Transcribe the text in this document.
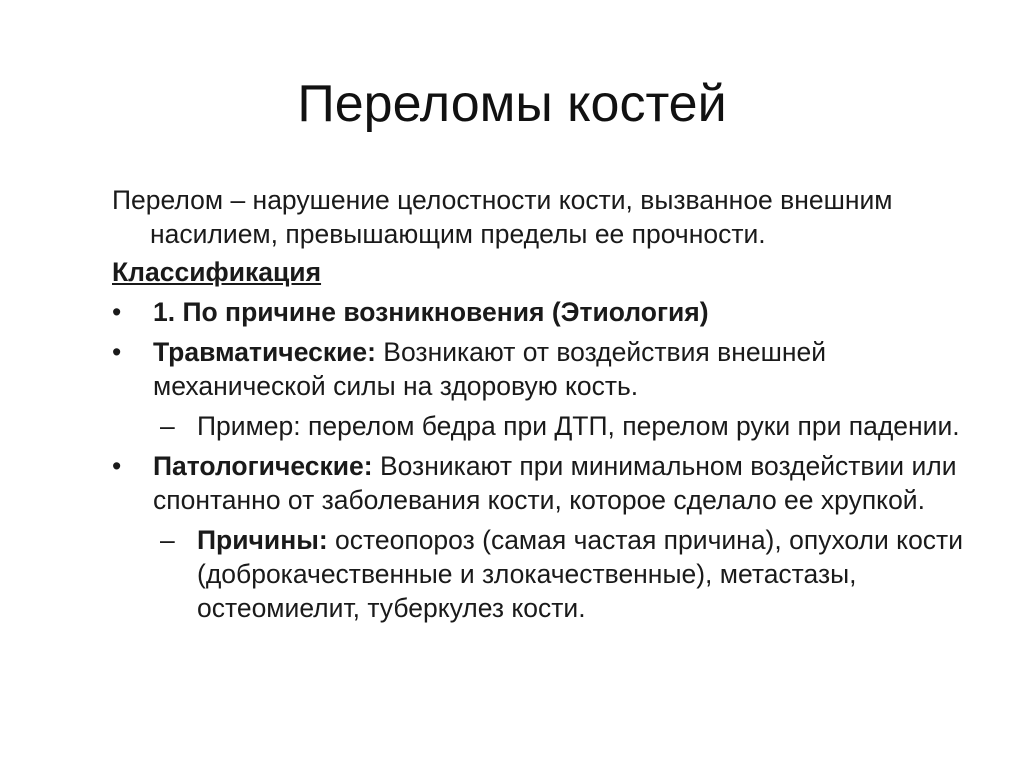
Переломы костей

Перелом – нарушение целостности кости, вызванное внешним насилием, превышающим пределы ее прочности.

Классификация

•	1. По причине возникновения (Этиология)

•	Травматические: Возникают от воздействия внешней механической силы на здоровую кость.

– Пример: перелом бедра при ДТП, перелом руки при падении.

•	Патологические: Возникают при минимальном воздействии или спонтанно от заболевания кости, которое сделало ее хрупкой.

– Причины: остеопороз (самая частая причина), опухоли кости (доброкачественные и злокачественные), метастазы, остеомиелит, туберкулез кости.
